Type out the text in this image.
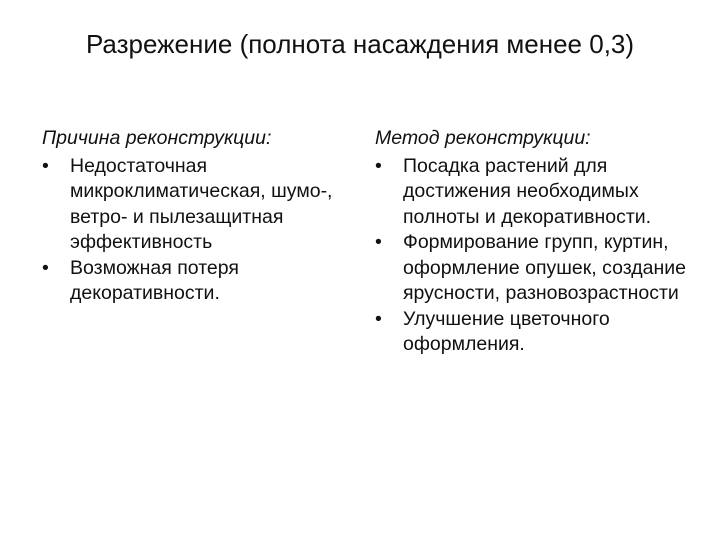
Разрежение (полнота насаждения менее 0,3)
Причина реконструкции:
• Недостаточная микроклиматическая, шумо-, ветро- и пылезащитная эффективность
• Возможная потеря декоративности.
Метод реконструкции:
• Посадка растений для достижения необходимых полноты и декоративности.
• Формирование групп, куртин, оформление опушек, создание ярусности, разновозрастности
• Улучшение цветочного оформления.
